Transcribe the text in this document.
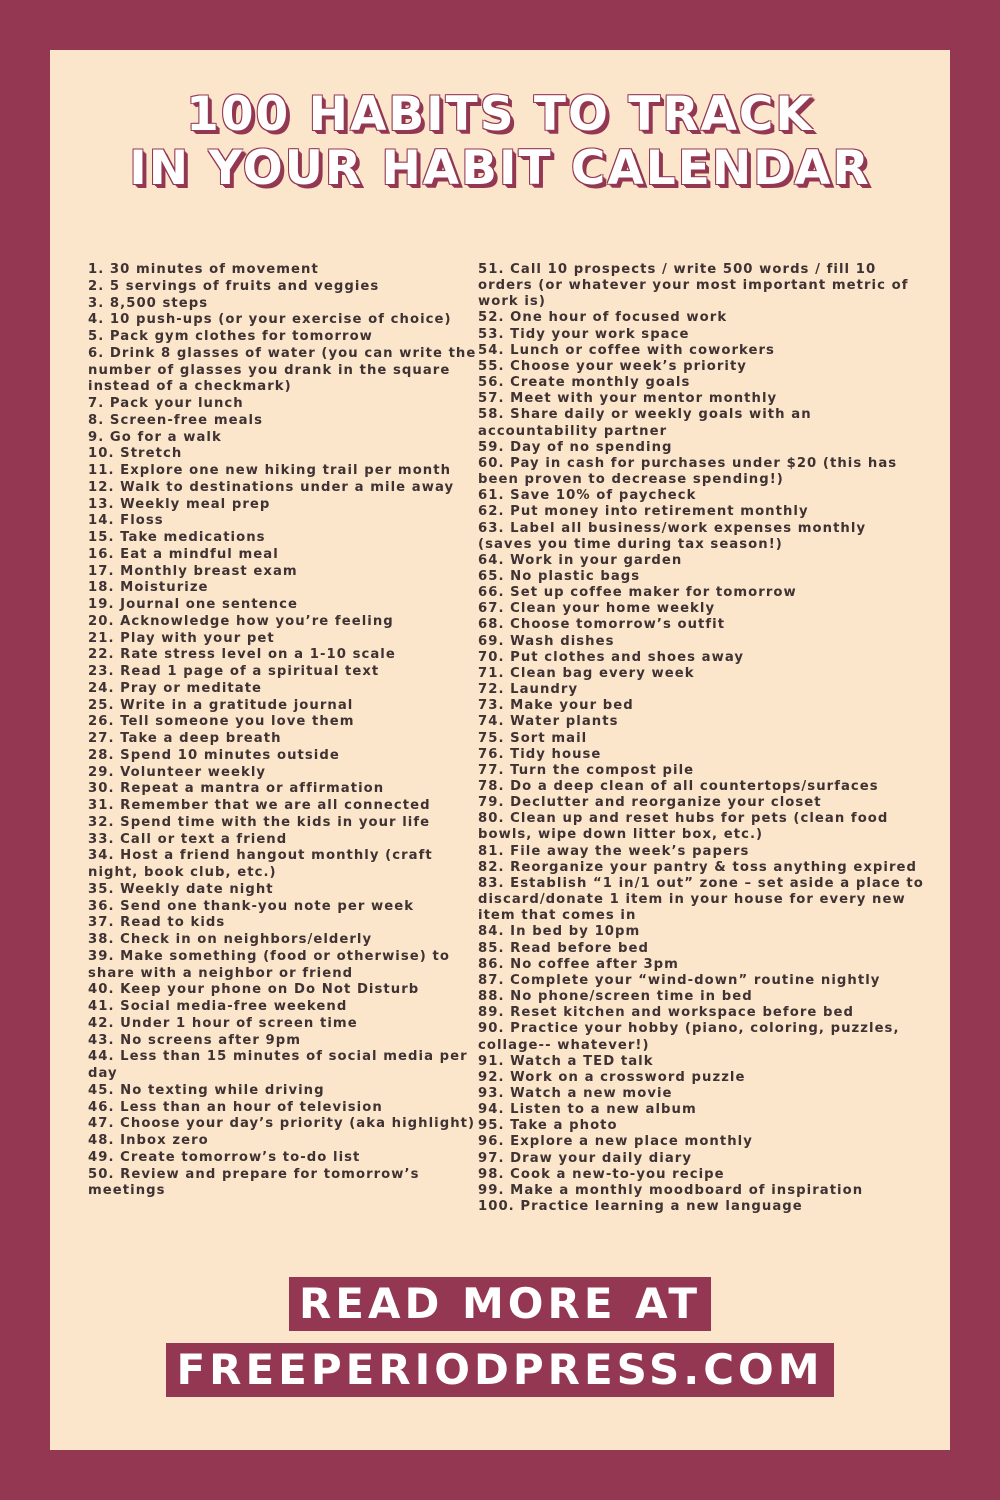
100 HABITS TO TRACK
IN YOUR HABIT CALENDAR
1. 30 minutes of movement
2. 5 servings of fruits and veggies
3. 8,500 steps
4. 10 push-ups (or your exercise of choice)
5. Pack gym clothes for tomorrow
6. Drink 8 glasses of water (you can write the number of glasses you drank in the square instead of a checkmark)
7. Pack your lunch
8. Screen-free meals
9. Go for a walk
10. Stretch
11. Explore one new hiking trail per month
12. Walk to destinations under a mile away
13. Weekly meal prep
14. Floss
15. Take medications
16. Eat a mindful meal
17. Monthly breast exam
18. Moisturize
19. Journal one sentence
20. Acknowledge how you’re feeling
21. Play with your pet
22. Rate stress level on a 1-10 scale
23. Read 1 page of a spiritual text
24. Pray or meditate
25. Write in a gratitude journal
26. Tell someone you love them
27. Take a deep breath
28. Spend 10 minutes outside
29. Volunteer weekly
30. Repeat a mantra or affirmation
31. Remember that we are all connected
32. Spend time with the kids in your life
33. Call or text a friend
34. Host a friend hangout monthly (craft night, book club, etc.)
35. Weekly date night
36. Send one thank-you note per week
37. Read to kids
38. Check in on neighbors/elderly
39. Make something (food or otherwise) to share with a neighbor or friend
40. Keep your phone on Do Not Disturb
41. Social media-free weekend
42. Under 1 hour of screen time
43. No screens after 9pm
44. Less than 15 minutes of social media per day
45. No texting while driving
46. Less than an hour of television
47. Choose your day’s priority (aka highlight)
48. Inbox zero
49. Create tomorrow’s to-do list
50. Review and prepare for tomorrow’s meetings
51. Call 10 prospects / write 500 words / fill 10 orders (or whatever your most important metric of work is)
52. One hour of focused work
53. Tidy your work space
54. Lunch or coffee with coworkers
55. Choose your week’s priority
56. Create monthly goals
57. Meet with your mentor monthly
58. Share daily or weekly goals with an accountability partner
59. Day of no spending
60. Pay in cash for purchases under $20 (this has been proven to decrease spending!)
61. Save 10% of paycheck
62. Put money into retirement monthly
63. Label all business/work expenses monthly (saves you time during tax season!)
64. Work in your garden
65. No plastic bags
66. Set up coffee maker for tomorrow
67. Clean your home weekly
68. Choose tomorrow’s outfit
69. Wash dishes
70. Put clothes and shoes away
71. Clean bag every week
72. Laundry
73. Make your bed
74. Water plants
75. Sort mail
76. Tidy house
77. Turn the compost pile
78. Do a deep clean of all countertops/surfaces
79. Declutter and reorganize your closet
80. Clean up and reset hubs for pets (clean food bowls, wipe down litter box, etc.)
81. File away the week’s papers
82. Reorganize your pantry & toss anything expired
83. Establish “1 in/1 out” zone – set aside a place to discard/donate 1 item in your house for every new item that comes in
84. In bed by 10pm
85. Read before bed
86. No coffee after 3pm
87. Complete your “wind-down” routine nightly
88. No phone/screen time in bed
89. Reset kitchen and workspace before bed
90. Practice your hobby (piano, coloring, puzzles, collage-- whatever!)
91. Watch a TED talk
92. Work on a crossword puzzle
93. Watch a new movie
94. Listen to a new album
95. Take a photo
96. Explore a new place monthly
97. Draw your daily diary
98. Cook a new-to-you recipe
99. Make a monthly moodboard of inspiration
100. Practice learning a new language
READ MORE AT
FREEPERIODPRESS.COM
